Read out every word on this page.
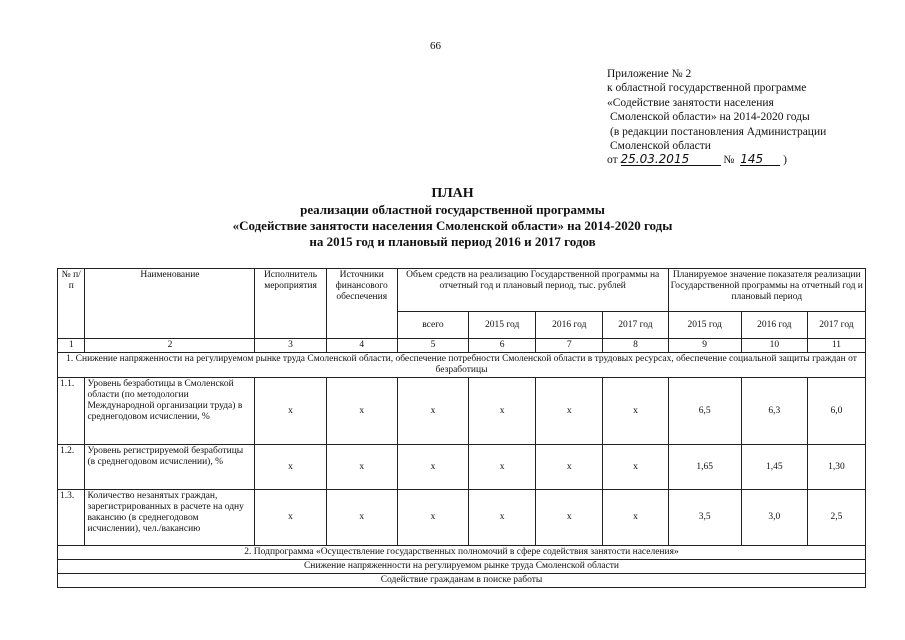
66
Приложение № 2
к областной государственной программе
«Содействие занятости населения
Смоленской области» на 2014-2020 годы
(в редакции постановления Администрации
Смоленской области
от 25.03.2015	№ 145 )
ПЛАН
реализации областной государственной программы
«Содействие занятости населения Смоленской области» на 2014-2020 годы
на 2015 год и плановый период 2016 и 2017 годов
№ п/п	Наименование	Исполнитель мероприятия	Источники финансового обеспечения	Объем средств на реализацию Государственной программы на отчетный год и плановый период, тыс. рублей				Планируемое значение показателя реализации Государственной программы на отчетный год и плановый период		
				всего	2015 год	2016 год	2017 год	2015 год	2016 год	2017 год
1	2	3	4	5	6	7	8	9	10	11
1. Снижение напряженности на регулируемом рынке труда Смоленской области, обеспечение потребности Смоленской области в трудовых ресурсах, обеспечение социальной защиты граждан от безработицы										
1.1.	Уровень безработицы в Смоленской области (по методологии Международной организации труда) в среднегодовом исчислении, %	х	х	х	х	х	х	6,5	6,3	6,0
1.2.	Уровень регистрируемой безработицы (в среднегодовом исчислении), %	х	х	х	х	х	х	1,65	1,45	1,30
1.3.	Количество незанятых граждан, зарегистрированных в расчете на одну вакансию (в среднегодовом исчислении), чел./вакансию	х	х	х	х	х	х	3,5	3,0	2,5
2. Подпрограмма «Осуществление государственных полномочий в сфере содействия занятости населения»										
Снижение напряженности на регулируемом рынке труда Смоленской области										
Содействие гражданам в поиске работы										
